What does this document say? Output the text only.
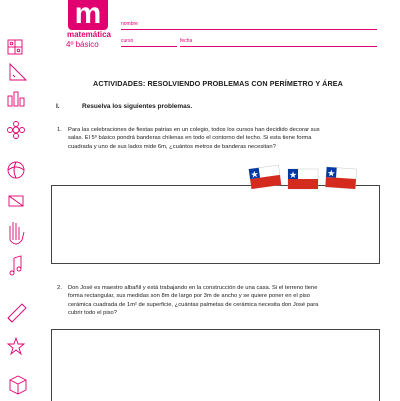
m
matemática
4º básico
nombre
curso	fecha
ACTIVIDADES: RESOLVIENDO PROBLEMAS CON PERÍMETRO Y ÁREA
I.	Resuelva los siguientes problemas.
1. Para las celebraciones de fiestas patrias en un colegio, todos los cursos han decidido decorar sus
salas. El 5º básico pondrá banderas chilenas en todo el contorno del techo. Si esta tiene forma
cuadrada y uno de sus lados mide 6m, ¿cuántos metros de banderas necesitan?
2. Don José es maestro albañil y está trabajando en la construcción de una casa. Si el terreno tiene
forma rectangular, sus medidas son 8m de largo por 3m de ancho y se quiere poner en el piso
cerámica cuadrada de 1m² de superficie, ¿cuántas palmetas de cerámica necesita don José para
cubrir todo el piso?
